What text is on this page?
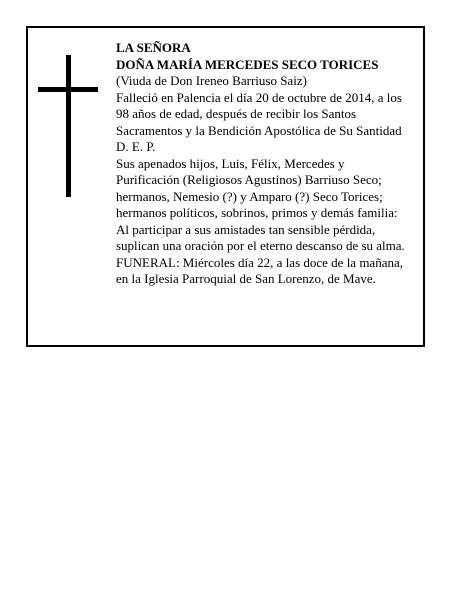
LA SEÑORA
DOÑA MARÍA MERCEDES SECO TORICES
(Viuda de Don Ireneo Barriuso Saiz)
Falleció en Palencia el día 20 de octubre de 2014, a los
98 años de edad, después de recibir los Santos
Sacramentos y la Bendición Apostólica de Su Santidad
D. E. P.
Sus apenados hijos, Luis, Félix, Mercedes y
Purificación (Religiosos Agustinos) Barriuso Seco;
hermanos, Nemesio (?) y Amparo (?) Seco Torices;
hermanos políticos, sobrinos, primos y demás familia:
Al participar a sus amistades tan sensible pérdida,
suplican una oración por el eterno descanso de su alma.
FUNERAL: Miércoles día 22, a las doce de la mañana,
en la Iglesia Parroquial de San Lorenzo, de Mave.
